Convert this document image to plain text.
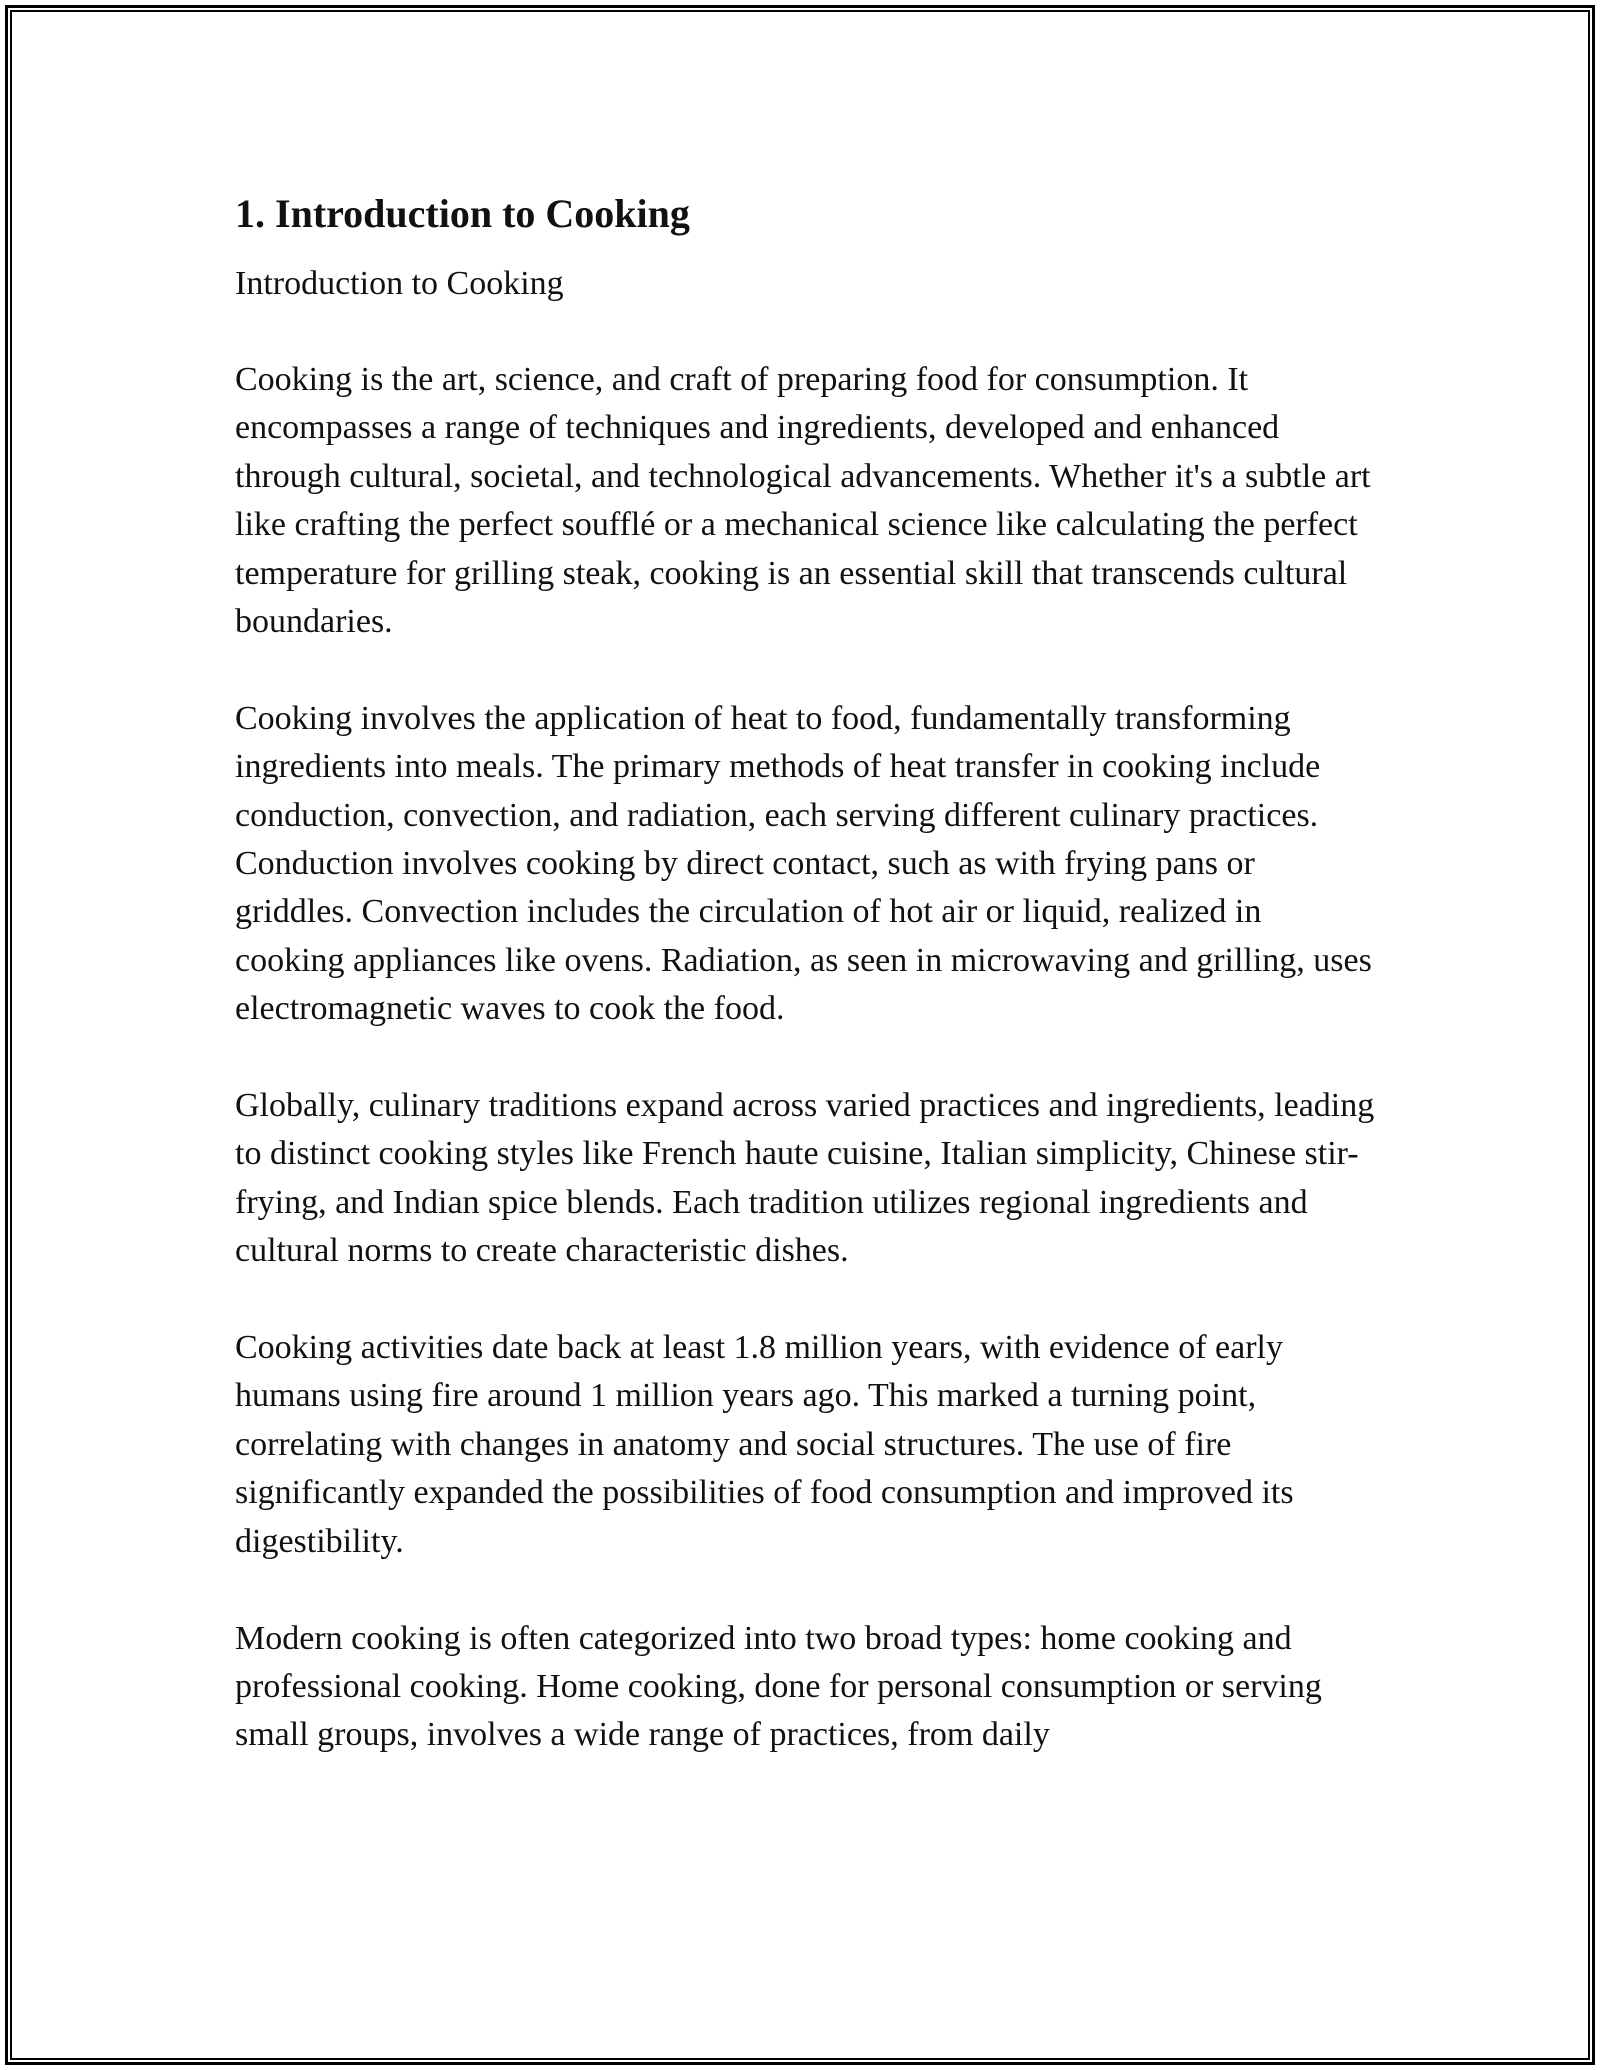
1. Introduction to Cooking
Introduction to Cooking

Cooking is the art, science, and craft of preparing food for consumption. It encompasses a range of techniques and ingredients, developed and enhanced through cultural, societal, and technological advancements. Whether it's a subtle art like crafting the perfect soufflé or a mechanical science like calculating the perfect temperature for grilling steak, cooking is an essential skill that transcends cultural boundaries.

Cooking involves the application of heat to food, fundamentally transforming ingredients into meals. The primary methods of heat transfer in cooking include conduction, convection, and radiation, each serving different culinary practices. Conduction involves cooking by direct contact, such as with frying pans or griddles. Convection includes the circulation of hot air or liquid, realized in cooking appliances like ovens. Radiation, as seen in microwaving and grilling, uses electromagnetic waves to cook the food.

Globally, culinary traditions expand across varied practices and ingredients, leading to distinct cooking styles like French haute cuisine, Italian simplicity, Chinese stir-frying, and Indian spice blends. Each tradition utilizes regional ingredients and cultural norms to create characteristic dishes.

Cooking activities date back at least 1.8 million years, with evidence of early humans using fire around 1 million years ago. This marked a turning point, correlating with changes in anatomy and social structures. The use of fire significantly expanded the possibilities of food consumption and improved its digestibility.

Modern cooking is often categorized into two broad types: home cooking and professional cooking. Home cooking, done for personal consumption or serving small groups, involves a wide range of practices, from daily
